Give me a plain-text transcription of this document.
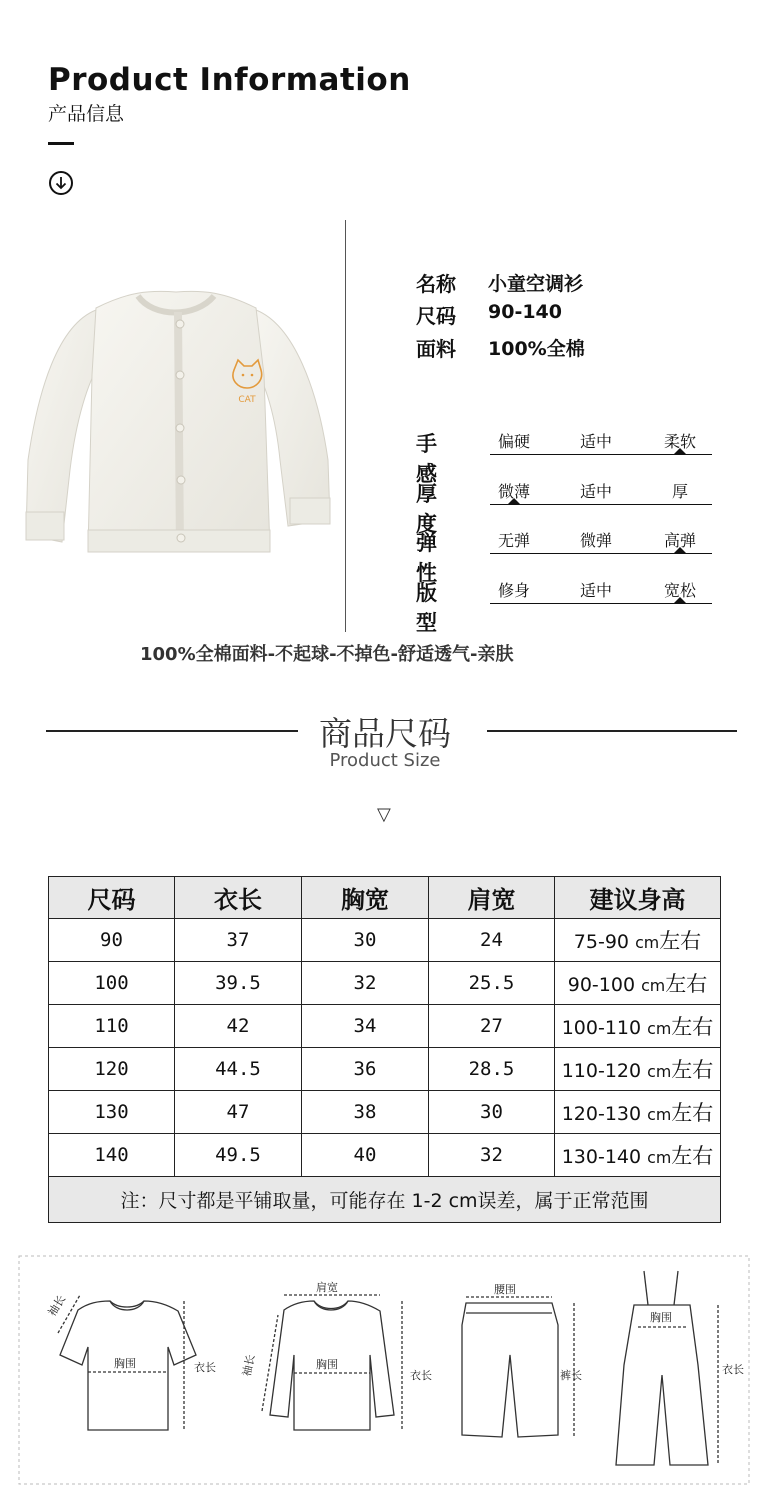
Product Information
产品信息
CAT
名称 小童空调衫
尺码 90-140
面料 100%全棉
手感
偏硬	适中	柔软
厚度
微薄	适中	厚
弹性
无弹	微弹	高弹
版型
修身	适中	宽松
100%全棉面料-不起球-不掉色-舒适透气-亲肤
商品尺码
Product Size
▽
尺码	衣长	胸宽	肩宽	建议身高
90	37	30	24	75-90 cm左右
100	39.5	32	25.5	90-100 cm左右
110	42	34	27	100-110 cm左右
120	44.5	36	28.5	110-120 cm左右
130	47	38	30	120-130 cm左右
140	49.5	40	32	130-140 cm左右
注：尺寸都是平铺取量，可能存在 1-2 cm误差，属于正常范围				
袖长
胸围	衣长
肩宽
袖长	胸围
衣长
腰围
裤长
胸围
衣长
